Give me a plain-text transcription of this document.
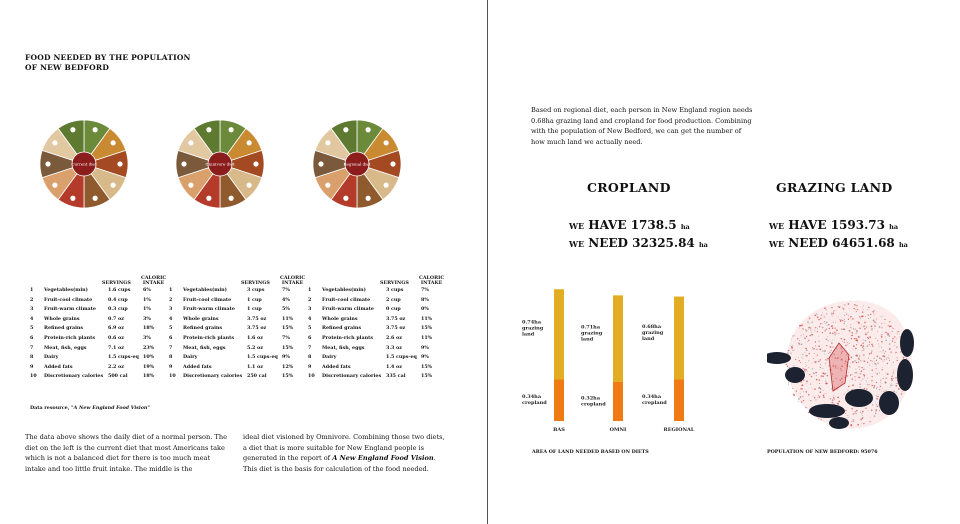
FOOD NEEDED BY THE POPULATION
OF NEW BEDFORD
Current diet	Omnivore diet	Regional diet
SERVINGS
CALORIC
INTAKE
1 Vegetables(min)	1.6 cups	6%
2 Fruit-cool climate	0.4 cup	1%
3 Fruit-warm climate	0.3 cup	1%
4 Whole grains	0.7 oz	3%
5 Refined grains	6.9 oz	18%
6 Protein-rich plants	0.6 oz	3%
7 Meat, fish, eggs	7.1 oz	23%
8 Dairy	1.5 cups-eq 10%
9 Added fats	2.2 oz	19%
10 Discretionary calories 500 cal	18%
SERVINGS
CALORIC
INTAKE
1 Vegetables(min)	3 cups	7%
2 Fruit-cool climate	1 cup	4%
3 Fruit-warm climate	1 cup	5%
4 Whole grains	3.75 oz	11%
5 Refined grains	3.75 oz	15%
6 Protein-rich plants	1.6 oz	7%
7 Meat, fish, eggs	5.2 oz	15%
8 Dairy	1.5 cups-eq 9%
9 Added fats	1.1 oz	12%
10 Discretionary calories 250 cal	15%
SERVINGS
CALORIC
INTAKE
1 Vegetables(min)	3 cups	7%
2 Fruit-cool climate	2 cup	8%
3 Fruit-warm climate	0 cup	0%
4 Whole grains	3.75 oz	11%
5 Refined grains	3.75 oz	15%
6 Protein-rich plants	2.6 oz	11%
7 Meat, fish, eggs	3.3 oz	9%
8 Dairy	1.5 cups-eq 9%
9 Added fats	1.4 oz	15%
10 Discretionary calories 335 cal	15%
Data resource, "A New England Food Vision"
The data above shows the daily diet of a normal person. The diet on the left is the current diet that most Americans take which is not a balanced diet for there is too much meat intake and too little fruit intake. The middle is the
ideal diet visioned by Omnivore. Combining those two diets, a diet that is more suitable for New England people is generated in the report of A New England Food Vision. This diet is the basis for calculation of the food needed.
Based on regional diet, each person in New England region needs 0.68ha grazing land and cropland for food production. Combining with the population of New Bedford, we can get the number of how much land we actually need.
CROPLAND
WE HAVE 1738.5 ha
WE NEED 32325.84 ha
GRAZING LAND
WE HAVE 1593.73 ha
WE NEED 64651.68 ha
0.74ha grazing land
0.34ha cropland
BAS
0.71ha grazing land
0.32ha cropland
OMNI
0.68ha grazing land
0.34ha cropland
REGIONAL
AREA OF LAND NEEDED BASED ON DIETS	POPULATION OF NEW BEDFORD: 95076
